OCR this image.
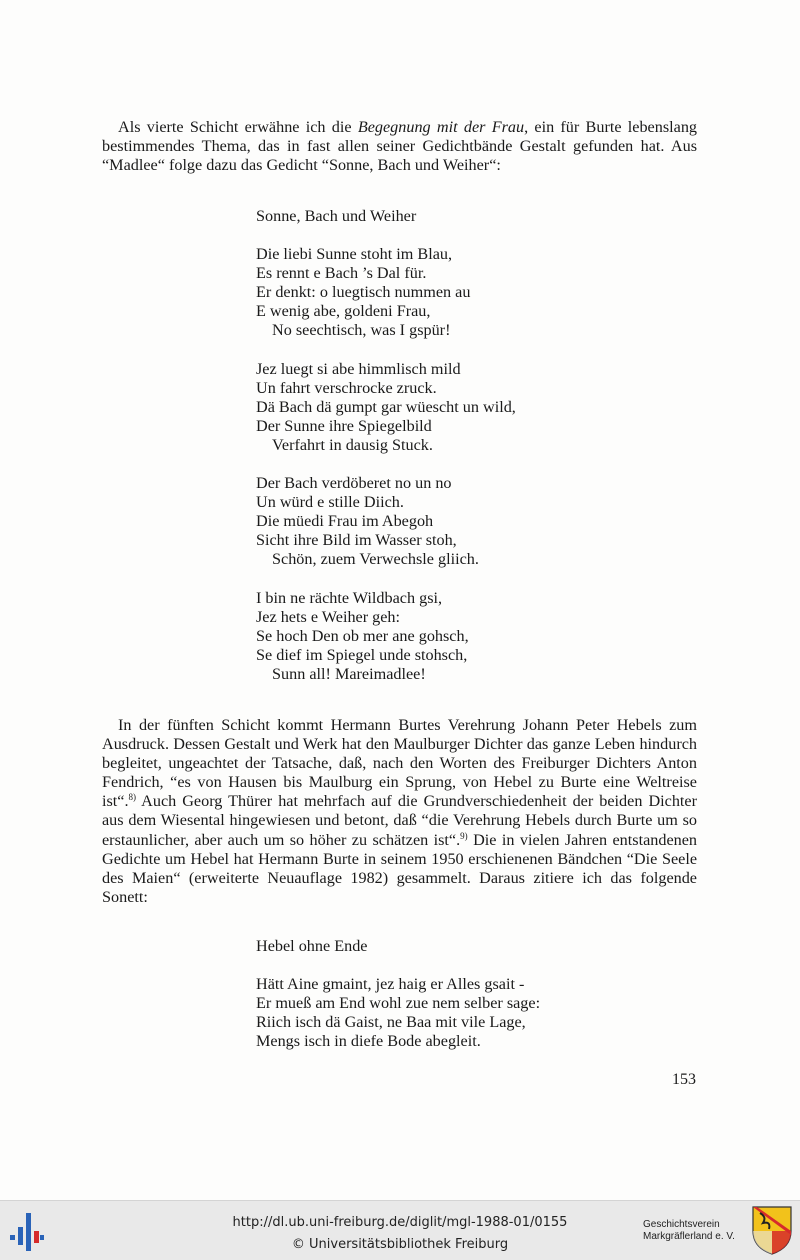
Als vierte Schicht erwähne ich die Begegnung mit der Frau, ein für Burte lebenslang bestimmendes Thema, das in fast allen seiner Gedichtbände Gestalt gefunden hat. Aus “Madlee“ folge dazu das Gedicht “Sonne, Bach und Weiher“:

Sonne, Bach und Weiher
Die liebi Sunne stoht im Blau,
Es rennt e Bach ’s Dal für.
Er denkt: o luegtisch nummen au
E wenig abe, goldeni Frau,
No seechtisch, was I gspür!
Jez luegt si abe himmlisch mild
Un fahrt verschrocke zruck.
Dä Bach dä gumpt gar wüescht un wild,
Der Sunne ihre Spiegelbild
Verfahrt in dausig Stuck.
Der Bach verdöberet no un no
Un würd e stille Diich.
Die müedi Frau im Abegoh
Sicht ihre Bild im Wasser stoh,
Schön, zuem Verwechsle gliich.
I bin ne rächte Wildbach gsi,
Jez hets e Weiher geh:
Se hoch Den ob mer ane gohsch,
Se dief im Spiegel unde stohsch,
Sunn all! Mareimadlee!

In der fünften Schicht kommt Hermann Burtes Verehrung Johann Peter Hebels zum Ausdruck. Dessen Gestalt und Werk hat den Maulburger Dichter das ganze Leben hindurch begleitet, ungeachtet der Tatsache, daß, nach den Worten des Freiburger Dichters Anton Fendrich, “es von Hausen bis Maulburg ein Sprung, von Hebel zu Burte eine Weltreise ist“.$^{8)}$ Auch Georg Thürer hat mehrfach auf die Grundverschiedenheit der beiden Dichter aus dem Wiesental hingewiesen und betont, daß “die Verehrung Hebels durch Burte um so erstaunlicher, aber auch um so höher zu schätzen ist“.$^{9)}$ Die in vielen Jahren entstandenen Gedichte um Hebel hat Hermann Burte in seinem 1950 erschienenen Bändchen “Die Seele des Maien“ (erweiterte Neuauflage 1982) gesammelt. Daraus zitiere ich das folgende Sonett:

Hebel ohne Ende
Hätt Aine gmaint, jez haig er Alles gsait -
Er mueß am End wohl zue nem selber sage:
Riich isch dä Gaist, ne Baa mit vile Lage,
Mengs isch in diefe Bode abegleit.
153
http://dl.ub.uni-freiburg.de/diglit/mgl-1988-01/0155
© Universitätsbibliothek Freiburg
Geschichtsverein
Markgräflerland e. V.
